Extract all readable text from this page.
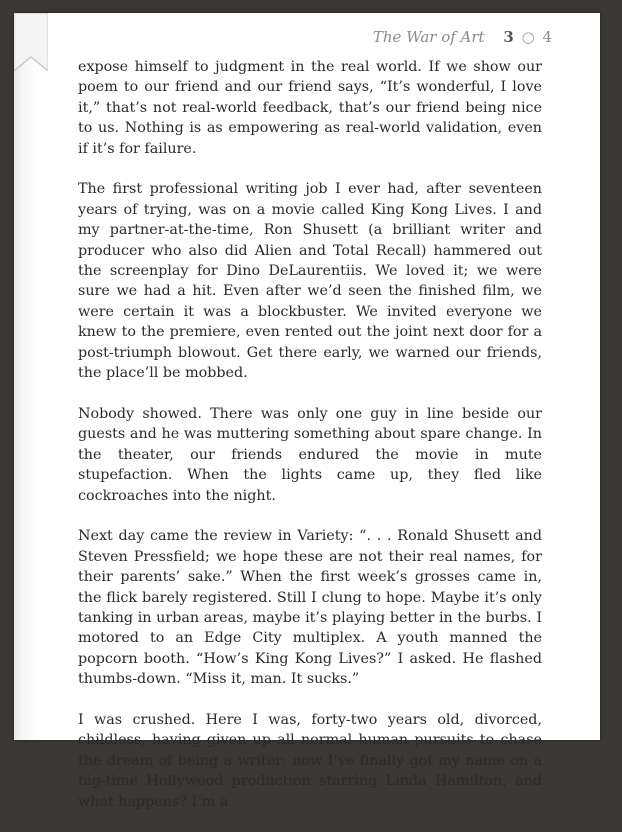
The War of Art 3 ○ 4

expose himself to judgment in the real world. If we show our poem to our friend and our friend says, “It’s wonderful, I love it,” that’s not real-world feedback, that’s our friend being nice to us. Nothing is as empowering as real-world validation, even if it’s for failure.

The first professional writing job I ever had, after seventeen years of trying, was on a movie called King Kong Lives. I and my partner-at-the-time, Ron Shusett (a brilliant writer and producer who also did Alien and Total Recall) hammered out the screenplay for Dino DeLaurentiis. We loved it; we were sure we had a hit. Even after we’d seen the finished film, we were certain it was a blockbuster. We invited everyone we knew to the premiere, even rented out the joint next door for a post-triumph blowout. Get there early, we warned our friends, the place’ll be mobbed.

Nobody showed. There was only one guy in line beside our guests and he was muttering something about spare change. In the theater, our friends endured the movie in mute stupefaction. When the lights came up, they fled like cockroaches into the night.

Next day came the review in Variety: “. . . Ronald Shusett and Steven Pressfield; we hope these are not their real names, for their parents’ sake.” When the first week’s grosses came in, the flick barely registered. Still I clung to hope. Maybe it’s only tanking in urban areas, maybe it’s playing better in the burbs. I motored to an Edge City multiplex. A youth manned the popcorn booth. “How’s King Kong Lives?” I asked. He flashed thumbs-down. “Miss it, man. It sucks.”

I was crushed. Here I was, forty-two years old, divorced, childless, having given up all normal human pursuits to chase the dream of being a writer; now I’ve finally got my name on a big-time Hollywood production starring Linda Hamilton, and what happens? I’m a
